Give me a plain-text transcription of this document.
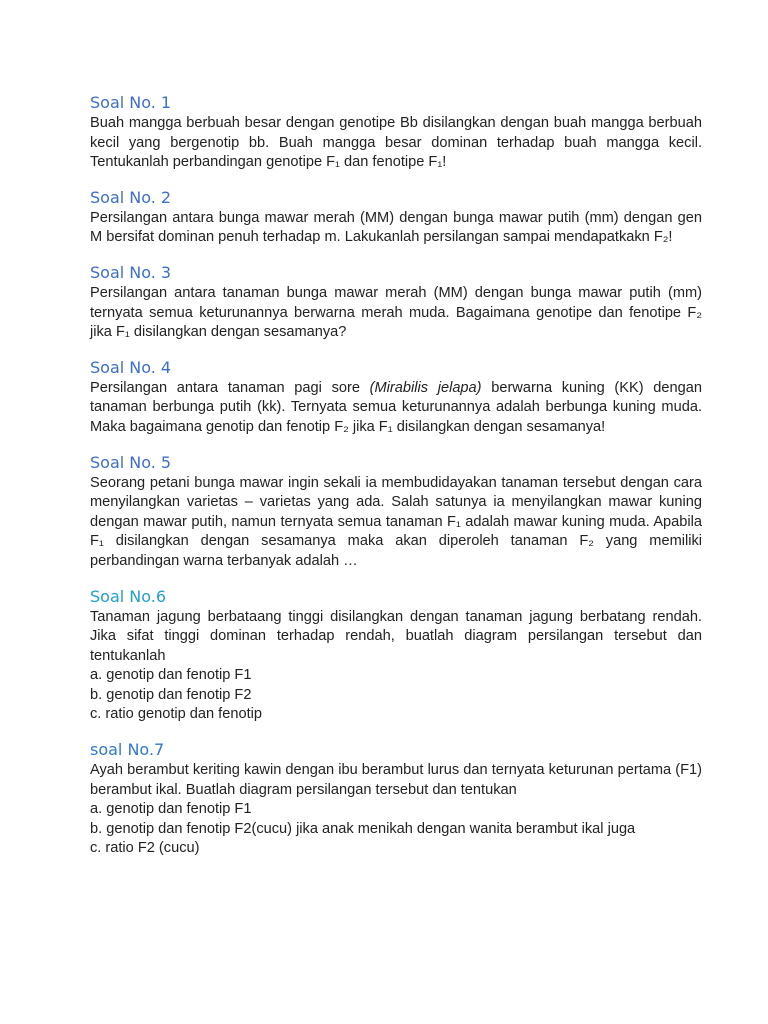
Soal No. 1
Buah mangga berbuah besar dengan genotipe Bb disilangkan dengan buah mangga berbuah kecil yang bergenotip bb. Buah mangga besar dominan terhadap buah mangga kecil. Tentukanlah perbandingan genotipe F₁ dan fenotipe F₁!
Soal No. 2
Persilangan antara bunga mawar merah (MM) dengan bunga mawar putih (mm) dengan gen M bersifat dominan penuh terhadap m. Lakukanlah persilangan sampai mendapatkakn F₂!
Soal No. 3
Persilangan antara tanaman bunga mawar merah (MM) dengan bunga mawar putih (mm) ternyata semua keturunannya berwarna merah muda. Bagaimana genotipe dan fenotipe F₂ jika F₁ disilangkan dengan sesamanya?
Soal No. 4
Persilangan antara tanaman pagi sore (Mirabilis jelapa) berwarna kuning (KK) dengan tanaman berbunga putih (kk). Ternyata semua keturunannya adalah berbunga kuning muda. Maka bagaimana genotip dan fenotip F₂ jika F₁ disilangkan dengan sesamanya!
Soal No. 5
Seorang petani bunga mawar ingin sekali ia membudidayakan tanaman tersebut dengan cara menyilangkan varietas – varietas yang ada. Salah satunya ia menyilangkan mawar kuning dengan mawar putih, namun ternyata semua tanaman F₁ adalah mawar kuning muda. Apabila F₁ disilangkan dengan sesamanya maka akan diperoleh tanaman F₂ yang memiliki perbandingan warna terbanyak adalah …
Soal No.6
Tanaman jagung berbataang tinggi disilangkan dengan tanaman jagung berbatang rendah. Jika sifat tinggi dominan terhadap rendah, buatlah diagram persilangan tersebut dan tentukanlah
a. genotip dan fenotip F1
b. genotip dan fenotip F2
c. ratio genotip dan fenotip
soal No.7
Ayah berambut keriting kawin dengan ibu berambut lurus dan ternyata keturunan pertama (F1) berambut ikal. Buatlah diagram persilangan tersebut dan tentukan
a. genotip dan fenotip F1
b. genotip dan fenotip F2(cucu) jika anak menikah dengan wanita berambut ikal juga
c. ratio F2 (cucu)
